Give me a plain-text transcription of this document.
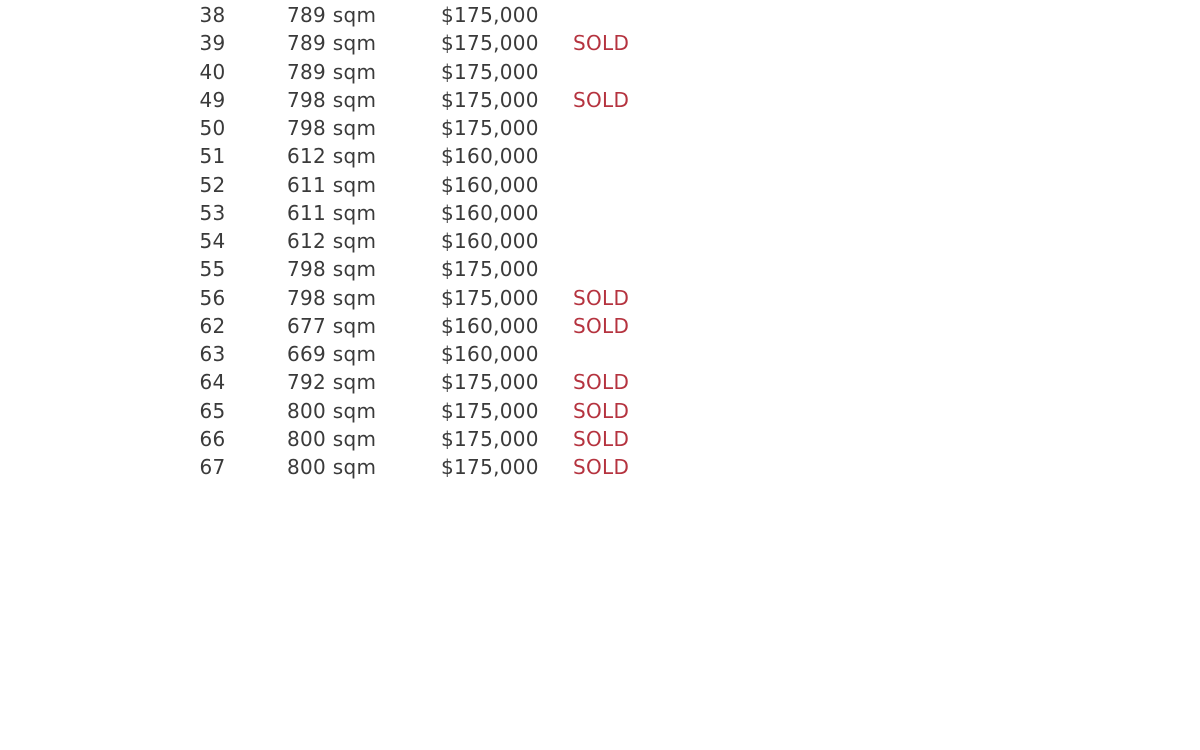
38	789 sqm	$175,000
39	789 sqm	$175,000 SOLD
40	789 sqm	$175,000
49	798 sqm	$175,000 SOLD
50	798 sqm	$175,000
51	612 sqm	$160,000
52	611 sqm	$160,000
53	611 sqm	$160,000
54	612 sqm	$160,000
55	798 sqm	$175,000
56	798 sqm	$175,000 SOLD
62	677 sqm	$160,000 SOLD
63	669 sqm	$160,000
64	792 sqm	$175,000 SOLD
65	800 sqm	$175,000 SOLD
66	800 sqm	$175,000 SOLD
67	800 sqm	$175,000 SOLD
